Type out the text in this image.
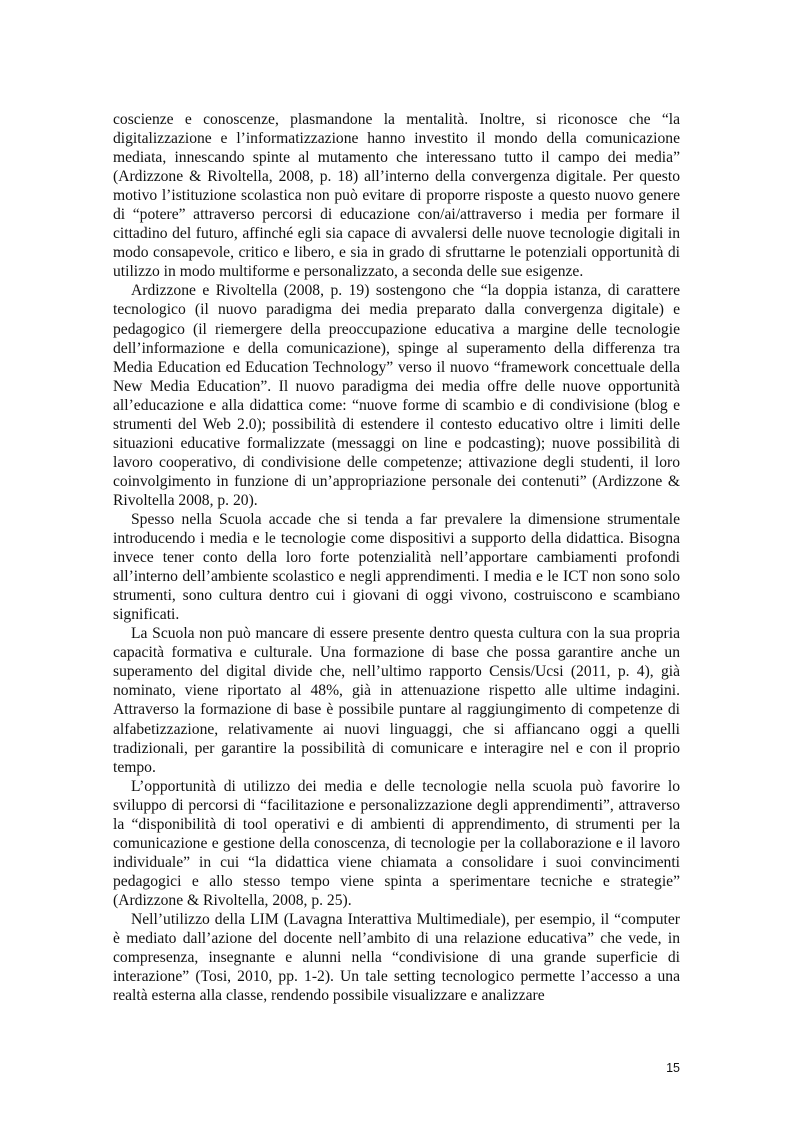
coscienze e conoscenze, plasmandone la mentalità. Inoltre, si riconosce che “la digitalizzazione e l’informatizzazione hanno investito il mondo della comunicazione mediata, innescando spinte al mutamento che interessano tutto il campo dei media” (Ardizzone & Rivoltella, 2008, p. 18) all’interno della convergenza digitale. Per questo motivo l’istituzione scolastica non può evitare di proporre risposte a questo nuovo genere di “potere” attraverso percorsi di educazione con/ai/attraverso i media per formare il cittadino del futuro, affinché egli sia capace di avvalersi delle nuove tecnologie digitali in modo consapevole, critico e libero, e sia in grado di sfruttarne le potenziali opportunità di utilizzo in modo multiforme e personalizzato, a seconda delle sue esigenze.

Ardizzone e Rivoltella (2008, p. 19) sostengono che “la doppia istanza, di carattere tecnologico (il nuovo paradigma dei media preparato dalla convergenza digitale) e pedagogico (il riemergere della preoccupazione educativa a margine delle tecnologie dell’informazione e della comunicazione), spinge al superamento della differenza tra Media Education ed Education Technology” verso il nuovo “framework concettuale della New Media Education”. Il nuovo paradigma dei media offre delle nuove opportunità all’educazione e alla didattica come: “nuove forme di scambio e di condivisione (blog e strumenti del Web 2.0); possibilità di estendere il contesto educativo oltre i limiti delle situazioni educative formalizzate (messaggi on line e podcasting); nuove possibilità di lavoro cooperativo, di condivisione delle competenze; attivazione degli studenti, il loro coinvolgimento in funzione di un’appropriazione personale dei contenuti” (Ardizzone & Rivoltella 2008, p. 20).

Spesso nella Scuola accade che si tenda a far prevalere la dimensione strumentale introducendo i media e le tecnologie come dispositivi a supporto della didattica. Bisogna invece tener conto della loro forte potenzialità nell’apportare cambiamenti profondi all’interno dell’ambiente scolastico e negli apprendimenti. I media e le ICT non sono solo strumenti, sono cultura dentro cui i giovani di oggi vivono, costruiscono e scambiano significati.

La Scuola non può mancare di essere presente dentro questa cultura con la sua propria capacità formativa e culturale. Una formazione di base che possa garantire anche un superamento del digital divide che, nell’ultimo rapporto Censis/Ucsi (2011, p. 4), già nominato, viene riportato al 48%, già in attenuazione rispetto alle ultime indagini. Attraverso la formazione di base è possibile puntare al raggiungimento di competenze di alfabetizzazione, relativamente ai nuovi linguaggi, che si affiancano oggi a quelli tradizionali, per garantire la possibilità di comunicare e interagire nel e con il proprio tempo.

L’opportunità di utilizzo dei media e delle tecnologie nella scuola può favorire lo sviluppo di percorsi di “facilitazione e personalizzazione degli apprendimenti”, attraverso la “disponibilità di tool operativi e di ambienti di apprendimento, di strumenti per la comunicazione e gestione della conoscenza, di tecnologie per la collaborazione e il lavoro individuale” in cui “la didattica viene chiamata a consolidare i suoi convincimenti pedagogici e allo stesso tempo viene spinta a sperimentare tecniche e strategie” (Ardizzone & Rivoltella, 2008, p. 25).

Nell’utilizzo della LIM (Lavagna Interattiva Multimediale), per esempio, il “computer è mediato dall’azione del docente nell’ambito di una relazione educativa” che vede, in compresenza, insegnante e alunni nella “condivisione di una grande superficie di interazione” (Tosi, 2010, pp. 1-2). Un tale setting tecnologico permette l’accesso a una realtà esterna alla classe, rendendo possibile visualizzare e analizzare

15
